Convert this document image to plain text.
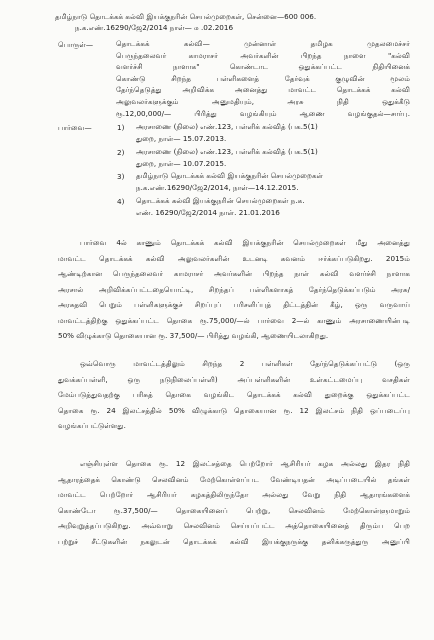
தமிழ்நாடு தொடக்கக் கல்வி இயக்குநரின் செயல்முறைகள், சென்னை—600 006.
ந.க.எண்.16290/ஜே2/2014 நாள்— ௰ .02.2016
பொருள்—	தொடக்கக் கல்வி— முன்னாள் தமிழக முதலமைச்சர்
பெருந்தலைவர் காமராசர் அவர்களின் பிறந்த நாளை "கல்வி
வளர்ச்சி நாளாக" கொண்டாட ஒதுக்கப்பட்ட நிதியினைக்
கொண்டு சிறந்த பள்ளிகளைத் தேர்வுக் குழுவின் மூலம்
தேர்ந்தெடுத்து அறிவிக்க அனைத்து மாவட்ட தொடக்கக் கல்வி
அலுவலர்களுக்கும் அனுமதியும், அரசு நிதி ஒதுக்கீடு
ரூ.12,00,000/— பிரித்து வழங்கியும் ஆணை வழங்குதல்—சார்பு.
பார்வை—	1) அரசாணை (நிலை) எண்.123, பள்ளிக் கல்வித் (பக.5(1)
துறை, நாள்— 15.07.2013.
2) அரசாணை (நிலை) எண்.123, பள்ளிக் கல்வித் (பக.5(1)
துறை, நாள்— 10.07.2015.
3) தமிழ்நாடு தொடக்கக் கல்வி இயக்குநரின் செயல்முறைகள்
ந.க.எண்.16290/ஜே2/2014, நாள்—14.12.2015.
4) தொடக்கக் கல்வி இயக்குநரின் செயல்முறைகள் ந.க.
எண். 16290/ஜே2/2014 நாள். 21.01.2016
பார்வை 4ல் காணும் தொடக்கக் கல்வி இயக்குநரின் செயல்முறைகள் மீது அனைத்து
மாவட்ட தொடக்கக் கல்வி அலுவலர்களின் உடனடி கவனம் ஈர்க்கப்படுகிறது. 2015ம்
ஆண்டிற்கான பெருந்தலைவர் காமராசர் அவர்களின் பிறந்த நாள் கல்வி வளர்ச்சி நாளாக
அரசால் அறிவிக்கப்பட்டதையொட்டி, சிறந்தப் பள்ளிகளாகத் தேர்ந்தெடுக்கப்படும் அரசு/
அரசுதவி பெறும் பள்ளிகளுக்குச் சிறப்புப் பரிசளிப்புத் திட்டத்தின் கீழ், ஒரு வருவாய்
மாவட்டத்திற்கு ஒதுக்கப்பட்ட தொகை ரூ.75,000/—ல் பார்வை 2—ல் காணும் அரசாணையின்படி
50% விழுக்காடு தொகையான ரூ. 37,500/— பிரித்து வழங்கி, ஆணையிடலாகிறது.
ஒவ்வொரு மாவட்டத்திலும் சிறந்த 2 பள்ளிகள் தேர்ந்தெடுக்கப்பட்டு (ஒரு
துவக்கப்பள்ளி, ஒரு நடுநிலைப்பள்ளி) அப்பள்ளிகளின் உள்கட்டமைப்பு வசதிகள்
மேம்படுத்துவதற்கு பரிசுத் தொகை வழங்கிட தொடக்கக் கல்வி துறைக்கு ஒதுக்கப்பட்ட
தொகை ரூ. 24 இலட்சத்தில் 50% விழுக்காடு தொகையான ரூ. 12 இலட்சம் நிதி ஒப்படைப்பு
வழங்கப்பட்டுள்ளது.
எஞ்சியுள்ள தொகை ரூ. 12 இலட்சத்தை பெற்றோர் ஆசிரியர் கழக அல்லது இதர நிதி
ஆதாரத்தைக் கொண்டு செலவினம் மேற்கொள்ளப்பட வேண்டியதன் அடிப்படையில் தங்கள்
மாவட்ட பெற்றோர் ஆசிரியர் கழகத்திலிருந்தோ அல்லது வேறு நிதி ஆதாரங்களைக்
கொண்டோ ரூ.37,500/— தொகையினைப் பெற்று, செலவினம் மேற்கொள்ளுமாறும்
அறிவுறுத்தப்படுகிறது. அவ்வாறு செலவினம் செய்யப்பட்ட அத்தொகையினைத் திரும்ப பெற
பற்றுச் சீட்டுகளின் நகலுடன் தொடக்கக் கல்வி இயக்குநருக்கு தனிக்கருத்துரு அனுப்பி
